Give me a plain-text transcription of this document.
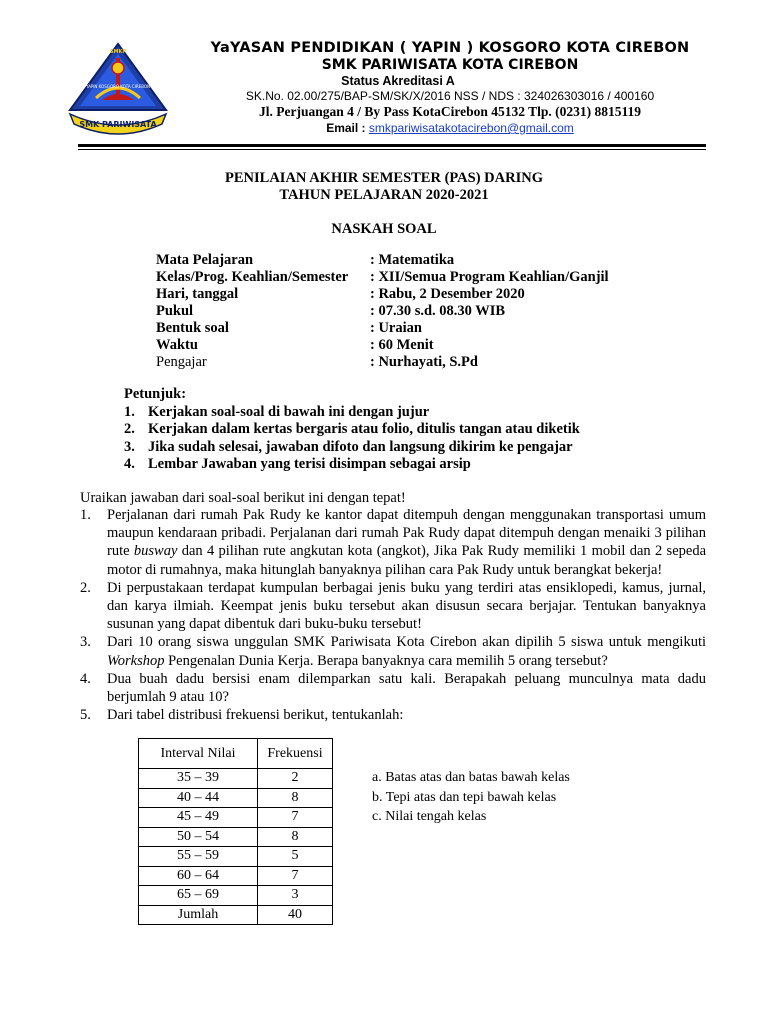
YAPIN KOSGORO KOTA CIREBON
SMK PARIWISATA
SMKP	YaYASAN PENDIDIKAN ( YAPIN ) KOSGORO KOTA CIREBON
SMK PARIWISATA KOTA CIREBON
Status Akreditasi A
SK.No. 02.00/275/BAP-SM/SK/X/2016 NSS / NDS : 324026303016 / 400160
Jl. Perjuangan 4 / By Pass KotaCirebon 45132 Tlp. (0231) 8815119
Email : smkpariwisatakotacirebon@gmail.com
PENILAIAN AKHIR SEMESTER (PAS) DARING
TAHUN PELAJARAN 2020-2021
NASKAH SOAL
Mata Pelajaran	: Matematika
Kelas/Prog. Keahlian/Semester	: XII/Semua Program Keahlian/Ganjil
Hari, tanggal	: Rabu, 2 Desember 2020
Pukul	: 07.30 s.d. 08.30 WIB
Bentuk soal	: Uraian
Waktu	: 60 Menit
Pengajar	: Nurhayati, S.Pd
Petunjuk:
1. Kerjakan soal-soal di bawah ini dengan jujur
2. Kerjakan dalam kertas bergaris atau folio, ditulis tangan atau diketik
3. Jika sudah selesai, jawaban difoto dan langsung dikirim ke pengajar
4. Lembar Jawaban yang terisi disimpan sebagai arsip
Uraikan jawaban dari soal-soal berikut ini dengan tepat!
1.	Perjalanan dari rumah Pak Rudy ke kantor dapat ditempuh dengan menggunakan transportasi umum maupun kendaraan pribadi. Perjalanan dari rumah Pak Rudy dapat ditempuh dengan menaiki 3 pilihan rute busway dan 4 pilihan rute angkutan kota (angkot), Jika Pak Rudy memiliki 1 mobil dan 2 sepeda motor di rumahnya, maka hitunglah banyaknya pilihan cara Pak Rudy untuk berangkat bekerja!
2.	Di perpustakaan terdapat kumpulan berbagai jenis buku yang terdiri atas ensiklopedi, kamus, jurnal, dan karya ilmiah. Keempat jenis buku tersebut akan disusun secara berjajar. Tentukan banyaknya susunan yang dapat dibentuk dari buku-buku tersebut!
3.	Dari 10 orang siswa unggulan SMK Pariwisata Kota Cirebon akan dipilih 5 siswa untuk mengikuti Workshop Pengenalan Dunia Kerja. Berapa banyaknya cara memilih 5 orang tersebut?
4.	Dua buah dadu bersisi enam dilemparkan satu kali. Berapakah peluang munculnya mata dadu berjumlah 9 atau 10?
5.	Dari tabel distribusi frekuensi berikut, tentukanlah:
Interval Nilai	Frekuensi
35 – 39	2
40 – 44	8
45 – 49	7
50 – 54	8
55 – 59	5
60 – 64	7
65 – 69	3
Jumlah	40
a. Batas atas dan batas bawah kelas
b. Tepi atas dan tepi bawah kelas
c. Nilai tengah kelas
